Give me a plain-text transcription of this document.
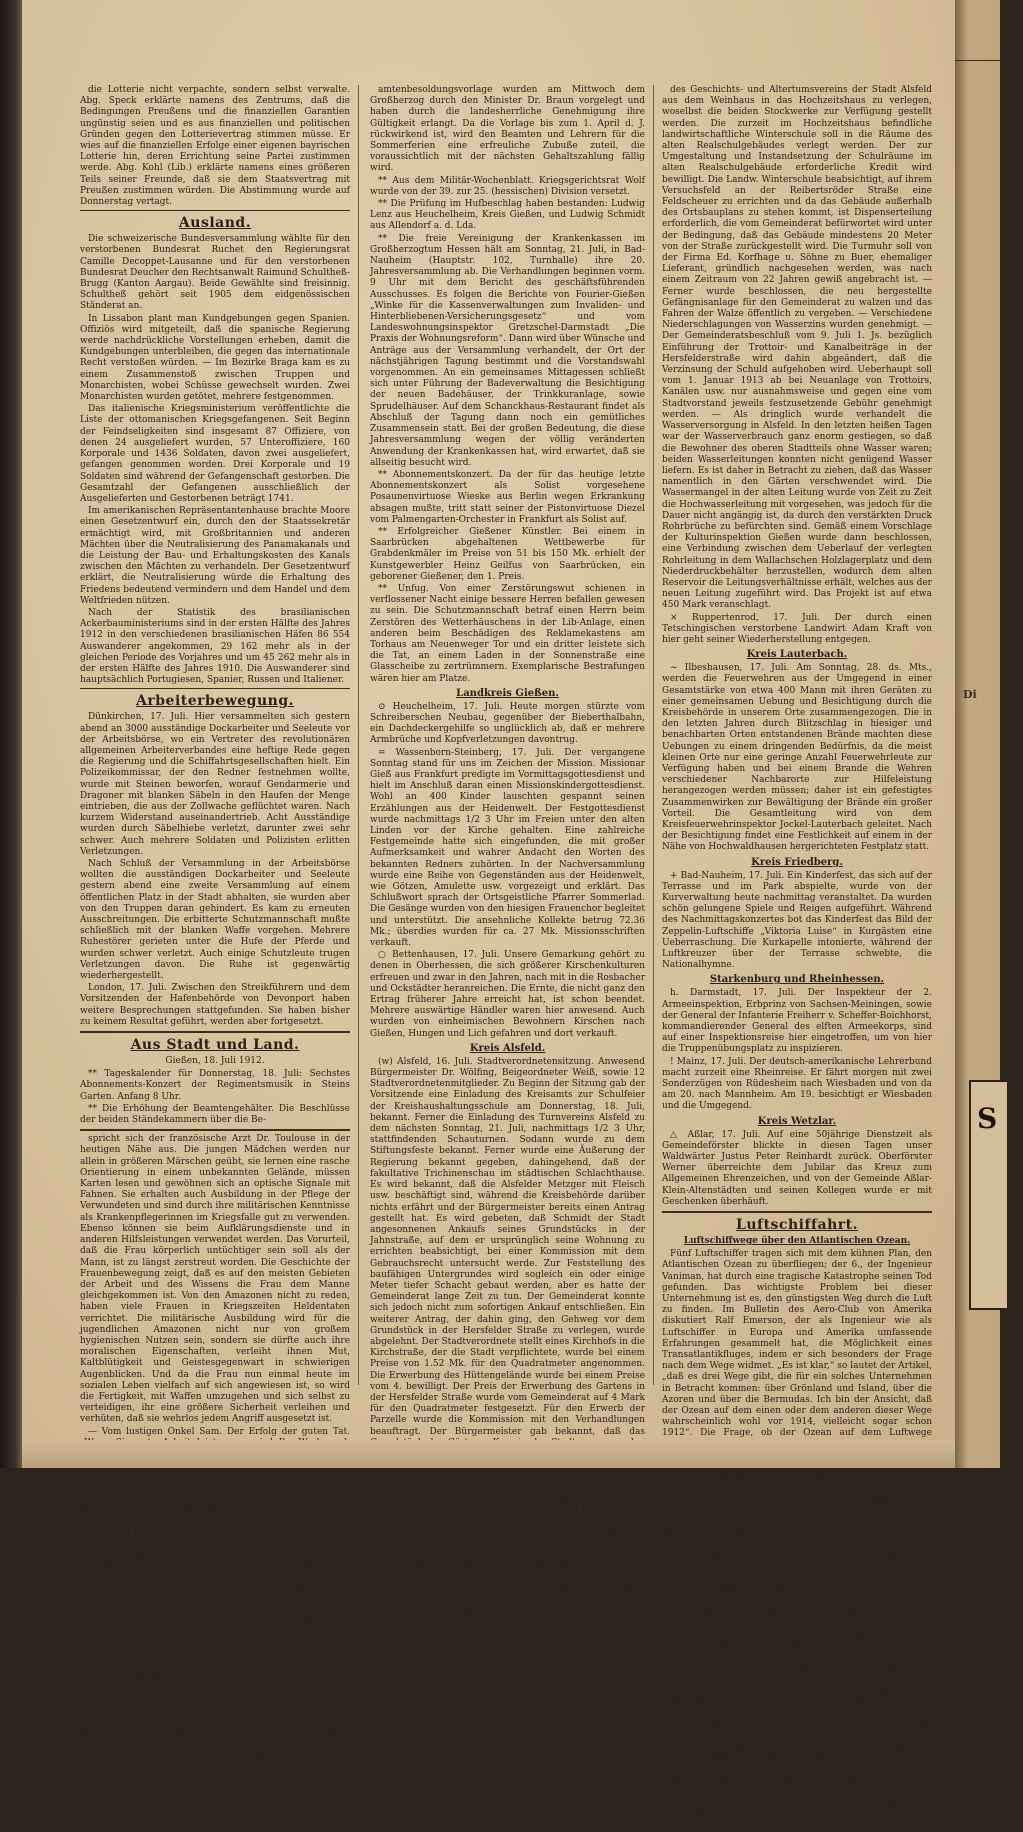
die Lotterie nicht verpachte, sondern selbst verwalte. Abg. Speck erklärte namens des Zentrums, daß die Bedingungen Preußens und die finanziellen Garantien ungünstig seien und es aus finanziellen und politischen Gründen gegen den Lotterievertrag stimmen müsse. Er wies auf die finanziellen Erfolge einer eigenen bayrischen Lotterie hin, deren Errichtung seine Partei zustimmen werde. Abg. Kohl (Lib.) erklärte namens eines größeren Teils seiner Freunde, daß sie dem Staatsvertrag mit Preußen zustimmen würden. Die Abstimmung wurde auf Donnerstag vertagt.

Ausland.

Die schweizerische Bundesversammlung wählte für den verstorbenen Bundesrat Ruchet den Regierungsrat Camille Decoppet-Lausanne und für den verstorbenen Bundesrat Deucher den Rechtsanwalt Raimund Schultheß-Brugg (Kanton Aargau). Beide Gewählte sind freisinnig. Schultheß gehört seit 1905 dem eidgenössischen Ständerat an.

In Lissabon plant man Kundgebungen gegen Spanien. Offiziös wird mitgeteilt, daß die spanische Regierung werde nachdrückliche Vorstellungen erheben, damit die Kundgebungen unterbleiben, die gegen das internationale Recht verstoßen würden. — Im Bezirke Braga kam es zu einem Zusammenstoß zwischen Truppen und Monarchisten, wobei Schüsse gewechselt wurden. Zwei Monarchisten wurden getötet, mehrere festgenommen.

Das italienische Kriegsministerium veröffentlichte die Liste der ottomanischen Kriegsgefangenen. Seit Beginn der Feindseligkeiten sind insgesamt 87 Offiziere, von denen 24 ausgeliefert wurden, 57 Unteroffiziere, 160 Korporale und 1436 Soldaten, davon zwei ausgeliefert, gefangen genommen worden. Drei Korporale und 19 Soldaten sind während der Gefangenschaft gestorben. Die Gesamtzahl der Gefangenen ausschließlich der Ausgelieferten und Gestorbenen beträgt 1741.

Im amerikanischen Repräsentantenhause brachte Moore einen Gesetzentwurf ein, durch den der Staatssekretär ermächtigt wird, mit Großbritannien und anderen Mächten über die Neutralisierung des Panamakanals und die Leistung der Bau- und Erhaltungskosten des Kanals zwischen den Mächten zu verhandeln. Der Gesetzentwurf erklärt, die Neutralisierung würde die Erhaltung des Friedens bedeutend vermindern und dem Handel und dem Weltfrieden nützen.

Nach der Statistik des brasilianischen Ackerbauministeriums sind in der ersten Hälfte des Jahres 1912 in den verschiedenen brasilianischen Häfen 86 554 Auswanderer angekommen, 29 162 mehr als in der gleichen Periode des Vorjahres und um 45 262 mehr als in der ersten Hälfte des Jahres 1910. Die Auswanderer sind hauptsächlich Portugiesen, Spanier, Russen und Italiener.

Arbeiterbewegung.

Dünkirchen, 17. Juli. Hier versammelten sich gestern abend an 3000 ausständige Dockarbeiter und Seeleute vor der Arbeitsbörse, wo ein Vertreter des revolutionären allgemeinen Arbeiterverbandes eine heftige Rede gegen die Regierung und die Schiffahrtsgesellschaften hielt. Ein Polizeikommissar, der den Redner festnehmen wollte, wurde mit Steinen beworfen, worauf Gendarmerie und Dragoner mit blanken Säbeln in den Haufen der Menge eintrieben, die aus der Zollwache geflüchtet waren. Nach kurzem Widerstand auseinandertrieb. Acht Ausständige wurden durch Säbelhiebe verletzt, darunter zwei sehr schwer. Auch mehrere Soldaten und Polizisten erlitten Verletzungen.

Nach Schluß der Versammlung in der Arbeitsbörse wollten die ausständigen Dockarbeiter und Seeleute gestern abend eine zweite Versammlung auf einem öffentlichen Platz in der Stadt abhalten, sie wurden aber von den Truppen daran gehindert. Es kam zu erneuten Ausschreitungen. Die erbitterte Schutzmannschaft mußte schließlich mit der blanken Waffe vorgehen. Mehrere Ruhestörer gerieten unter die Hufe der Pferde und wurden schwer verletzt. Auch einige Schutzleute trugen Verletzungen davon. Die Ruhe ist gegenwärtig wiederhergestellt.

London, 17. Juli. Zwischen den Streikführern und dem Vorsitzenden der Hafenbehörde von Devonport haben weitere Besprechungen stattgefunden. Sie haben bisher zu keinem Resultat geführt, werden aber fortgesetzt.

Aus Stadt und Land.
Gießen, 18. Juli 1912.

** Tageskalender für Donnerstag, 18. Juli: Sechstes Abonnements-Konzert der Regimentsmusik in Steins Garten. Anfang 8 Uhr.

** Die Erhöhung der Beamtengehälter. Die Beschlüsse der beiden Ständekammern über die Be-

spricht sich der französische Arzt Dr. Toulouse in der heutigen Nähe aus. Die jungen Mädchen werden nur allein in größeren Märschen geübt, sie lernen eine rasche Orientierung in einem unbekannten Gelände, müssen Karten lesen und gewöhnen sich an optische Signale mit Fahnen. Sie erhalten auch Ausbildung in der Pflege der Verwundeten und sind durch ihre militärischen Kenntnisse als Krankenpflegerinnen im Kriegsfalle gut zu verwenden. Ebenso können sie beim Aufklärungsdienste und in anderen Hilfsleistungen verwendet werden. Das Vorurteil, daß die Frau körperlich untüchtiger sein soll als der Mann, ist zu längst zerstreut worden. Die Geschichte der Frauenbewegung zeigt, daß es auf den meisten Gebieten der Arbeit und des Wissens die Frau dem Manne gleichgekommen ist. Von den Amazonen nicht zu reden, haben viele Frauen in Kriegszeiten Heldentaten verrichtet. Die militärische Ausbildung wird für die jugendlichen Amazonen nicht nur von großem hygienischen Nutzen sein, sondern sie dürfte auch ihre moralischen Eigenschaften, verleiht ihnen Mut, Kaltblütigkeit und Geistesgegenwart in schwierigen Augenblicken. Und da die Frau nun einmal heute im sozialen Leben vielfach auf sich angewiesen ist, so wird die Fertigkeit, mit Waffen umzugehen und sich selbst zu verteidigen, ihr eine größere Sicherheit verleihen und verhüten, daß sie wehrlos jedem Angriff ausgesetzt ist.

— Vom lustigen Onkel Sam. Der Erfolg der guten Tat. 2000 Bilder hinterlassen, und jetzt haben wir hier in Amerika allein schon 10 000 in unseren Sammlungen.“ — Ein wirksames Mittel. Erster Kadett: „Wie halt du das nur fertig gebracht, daß Miß Phillips dich für den schönsten Kerl auf Erden hält?“ Zweiter Kadett: „Ganz einfach. Ich hab ihr 20 Rosen an ihrem 30. Geburtstag geschickt.“ — Er ist zufrieden. Henlein: „Nun, wie sind Sie zufrieden mit Ihren Erfolgen bei den Zeitschriften?“ Der Dichter: „Großartig! Ich bekomme jetzt meine Manuskripte in der Hälfte der Zeit zurück.“ — „Na, es geht. Ich verliere wenigstens nichts — sie schicken mir immer ganz genau so viel zurück, wie ich ihnen eingesandt habe.“ — Der Moralphilosoph. „Wenn wir uns entschließen, unseren Feinden zu vergeben, so beginnen wir in der Regel mit denen, die größer und stärker sind als wir.“ — Der Politiker und der Wähler. Der Politiker: „Welches ist die nächste Frage, die wir vor das amerikanische Volk bringen müssen?“ Der Wähler (einfallend): „Fragen haben wir jetzt genug gehabt. Was wir brauchen, das sind nun ein paar Antworten!“ — Warum er schwor. Ein Vater sagte zu seinem Sohn, der noch nicht seine Laufbahn damit begonnen hat, daß er sich 50 Dollar pumpte. „Finden Sie nicht, daß man einem Manne benommen muß, der soviel Mut hatte?“ „Nein, das kann ich nicht finden“, erwiderte Mr. Growcher, „der Mann, den ich bewundere, das ist der andere, der den Mut hatte, sie ihm zu geben.“

amtenbesoldungsvorlage wurden am Mittwoch dem Großherzog durch den Minister Dr. Braun vorgelegt und haben durch die landesherrliche Genehmigung ihre Gültigkeit erlangt. Da die Vorlage bis zum 1. April d. J. rückwirkend ist, wird den Beamten und Lehrern für die Sommerferien eine erfreuliche Zubuße zuteil, die voraussichtlich mit der nächsten Gehaltszahlung fällig wird.

** Aus dem Militär-Wochenblatt. Kriegsgerichtsrat Wolf wurde von der 39. zur 25. (hessischen) Division versetzt.

** Die Prüfung im Hufbeschlag haben bestanden: Ludwig Lenz aus Heuchelheim, Kreis Gießen, und Ludwig Schmidt aus Allendorf a. d. Lda.

** Die freie Vereinigung der Krankenkassen im Großherzogtum Hessen hält am Sonntag, 21. Juli, in Bad-Nauheim (Hauptstr. 102, Turnhalle) ihre 20. Jahresversammlung ab. Die Verhandlungen beginnen vorm. 9 Uhr mit dem Bericht des geschäftsführenden Ausschusses. Es folgen die Berichte von Fourier-Gießen „Winke für die Kassenverwaltungen zum Invaliden- und Hinterbliebenen-Versicherungsgesetz“ und vom Landeswohnungsinspektor Gretzschel-Darmstadt „Die Praxis der Wohnungsreform“. Dann wird über Wünsche und Anträge aus der Versammlung verhandelt, der Ort der nächstjährigen Tagung bestimmt und die Vorstandswahl vorgenommen. An ein gemeinsames Mittagessen schließt sich unter Führung der Badeverwaltung die Besichtigung der neuen Badehäuser, der Trinkkuranlage, sowie Sprudelhäuser. Auf dem Schanckhaus-Restaurant findet als Abschluß der Tagung dann noch ein gemütliches Zusammensein statt. Bei der großen Bedeutung, die diese Jahresversammlung wegen der völlig veränderten Anwendung der Krankenkassen hat, wird erwartet, daß sie allseitig besucht wird.

** Abonnementskonzert. Da der für das heutige letzte Abonnementskonzert als Solist vorgesehene Posaunenvirtuose Wieske aus Berlin wegen Erkrankung absagen mußte, tritt statt seiner der Pistonvirtuose Diezel vom Palmengarten-Orchester in Frankfurt als Solist auf.

** Erfolgreicher Gießener Künstler. Bei einem in Saarbrücken abgehaltenen Wettbewerbe für Grabdenkmäler im Preise von 51 bis 150 Mk. erhielt der Kunstgewerbler Heinz Geilfus von Saarbrücken, ein geborener Gießener, den 1. Preis.

** Unfug. Von einer Zerstörungswut schienen in verflossener Nacht einige bessere Herren befallen gewesen zu sein. Die Schutzmannschaft betraf einen Herrn beim Zerstören des Wetterhäuschens in der Lib-Anlage, einen anderen beim Beschädigen des Reklamekastens am Torhaus am Neuenweger Tor und ein dritter leistete sich die Tat, an einem Laden in der Sonnenstraße eine Glasscheibe zu zertrümmern. Exemplarische Bestrafungen wären hier am Platze.

Landkreis Gießen.

⊙ Heuchelheim, 17. Juli. Heute morgen stürzte vom Schreiberschen Neubau, gegenüber der Bieberthalbahn, ein Dachdeckergehilfe so unglücklich ab, daß er mehrere Armbrüche und Kopfverletzungen davontrug.

= Wassenborn-Steinberg, 17. Juli. Der vergangene Sonntag stand für uns im Zeichen der Mission. Missionar Gieß aus Frankfurt predigte im Vormittagsgottesdienst und hielt im Anschluß daran einen Missionskindergottesdienst. Wohl an 400 Kinder lauschten gespannt seinen Erzählungen aus der Heidenwelt. Der Festgottesdienst wurde nachmittags 1/2 3 Uhr im Freien unter den alten Linden vor der Kirche gehalten. Eine zahlreiche Festgemeinde hatte sich eingefunden, die mit großer Aufmerksamkeit und wahrer Andacht den Worten des bekannten Redners zuhörten. In der Nachversammlung wurde eine Reihe von Gegenständen aus der Heidenwelt, wie Götzen, Amulette usw. vorgezeigt und erklärt. Das Schlußwort sprach der Ortsgeistliche Pfarrer Sommerlad. Die Gesänge wurden von den hiesigen Frauenchor begleitet und unterstützt. Die ansehnliche Kollekte betrug 72.36 Mk.; überdies wurden für ca. 27 Mk. Missionsschriften verkauft.

○ Bettenhausen, 17. Juli. Unsere Gemarkung gehört zu denen in Oberhessen, die sich größerer Kirschenkulturen erfreuen und zwar in den Jahren, nach mit in die Rosbacher und Ockstädter heranreichen. Die Ernte, die nicht ganz den Ertrag früherer Jahre erreicht hat, ist schon beendet. Mehrere auswärtige Händler waren hier anwesend. Auch wurden von einheimischen Bewohnern Kirschen nach Gießen, Hungen und Lich gefahren und dort verkauft.

Kreis Alsfeld.

(w) Alsfeld, 16. Juli. Stadtverordnetensitzung. Anwesend Bürgermeister Dr. Wölfing, Beigeordneter Weiß, sowie 12 Stadtverordnetenmitglieder. Zu Beginn der Sitzung gab der Vorsitzende eine Einladung des Kreisamts zur Schulfeier der Kreishaushaltungsschule am Donnerstag, 18. Juli, bekannt. Ferner die Einladung des Turnvereins Alsfeld zu dem nächsten Sonntag, 21. Juli, nachmittags 1/2 3 Uhr, stattfindenden Schauturnen. Sodann wurde zu dem Stiftungsfeste bekannt. Ferner wurde eine Äußerung der Regierung bekannt gegeben, dahingehend, daß der fakultative Trichinenschau im städtischen Schlachthause. Es wird bekannt, daß die Alsfelder Metzger mit Fleisch usw. beschäftigt sind, während die Kreisbehörde darüber nichts erfährt und der Bürgermeister bereits einen Antrag gestellt hat. Es wird gebeten, daß Schmidt der Stadt angesonnenen Ankaufs seines Grundstücks in der Jahnstraße, auf dem er ursprünglich seine Wohnung zu errichten beabsichtigt, bei einer Kommission mit dem Gebrauchsrecht untersucht werde. Zur Feststellung des baufähigen Untergrundes wird sogleich ein oder einige Meter tiefer Schacht gebaut werden, aber es hatte der Gemeinderat lange Zeit zu tun. Der Gemeinderat konnte sich jedoch nicht zum sofortigen Ankauf entschließen. Ein weiterer Antrag, der dahin ging, den Gehweg vor dem Grundstück in der Hersfelder Straße zu verlegen, wurde abgelehnt. Der Stadtverordnete stellt eines Kirchhofs in die Kirchstraße, der die Stadt verpflichtete, wurde bei einem Preise von 1.52 Mk. für den Quadratmeter angenommen. Die Erwerbung des Hüttengelände wurde bei einem Preise vom 4. bewilligt. Der Preis der Erwerbung des Gartens in der Hersfelder Straße wurde vom Gemeinderat auf 4 Mark für den Quadratmeter festgesetzt. Für den Erwerb der Parzelle wurde die Kommission mit den Verhandlungen beauftragt. Der Bürgermeister gab bekannt, daß das Museumskommission wurde verlesen, um zum Besuch des Volkskindergartens, der den Neubau vor der Kleinkinderschule im Hofe der alten Volksschule errichten will und so diesen Zweck darum nachgesucht hat. Zu einem Antrage, die Volksschule in den Jahren für den öffentlichen Gebrauch ohne Entgelt zu überlassen, wurde beschlossen, den bisher geltenden Vertrag vorzulegen, ebenso wurde die Angelegenheit der Baukommission überwiesen. Zur Anlage wurden die Vorarbeiten für die Wasserleitung zu genehmigen. Gegen den Bau der Kleinkinderschule an sich habe man nichts einzuwenden, der Bauplatz sei geeignet und es wurde beschlossen, dem Vorschlage der Baukommission entsprechend zu beschließen, das Museum

des Geschichts- und Altertumsvereins der Stadt Alsfeld aus dem Weinhaus in das Hochzeitshaus zu verlegen, woselbst die beiden Stockwerke zur Verfügung gestellt werden. Die zurzeit im Hochzeitshaus befindliche landwirtschaftliche Winterschule soll in die Räume des alten Realschulgebäudes verlegt werden. Der zur Umgestaltung und Instandsetzung der Schulräume im alten Realschulgebäude erforderliche Kredit wird bewilligt. Die Landw. Winterschule beabsichtigt, auf ihrem Versuchsfeld an der Reibertsröder Straße eine Feldscheuer zu errichten und da das Gebäude außerhalb des Ortsbauplans zu stehen kommt, ist Dispenserteilung erforderlich, die vom Gemeinderat befürwortet wird unter der Bedingung, daß das Gebäude mindestens 20 Meter von der Straße zurückgestellt wird. Die Turmuhr soll von der Firma Ed. Korfhage u. Söhne zu Buer, ehemaliger Lieferant, gründlich nachgesehen werden, was nach einem Zeitraum von 22 Jahren gewiß angebracht ist. — Ferner wurde beschlossen, die neu hergestellte Gefängnisanlage für den Gemeinderat zu walzen und das Fahren der Walze öffentlich zu vergeben. — Verschiedene Niederschlagungen von Wasserzins wurden genehmigt. — Der Gemeinderatsbeschluß vom 9. Juli 1. Js. bezüglich Einführung der Trottoir- und Kanalbeiträge in der Hersfelderstraße wird dahin abgeändert, daß die Verzinsung der Schuld aufgehoben wird. Ueberhaupt soll vom 1. Januar 1913 ab bei Neuanlage von Trottoirs, Kanälen usw. nur ausnahmsweise und gegen eine vom Stadtvorstand jeweils festzusetzende Gebühr genehmigt werden. — Als dringlich wurde verhandelt die Wasserversorgung in Alsfeld. In den letzten heißen Tagen war der Wasserverbrauch ganz enorm gestiegen, so daß die Bewohner des oberen Stadtteils ohne Wasser waren; beiden Wasserleitungen konnten nicht genügend Wasser liefern. Es ist daher in Betracht zu ziehen, daß das Wasser namentlich in den Gärten verschwendet wird. Die Wassermangel in der alten Leitung wurde von Zeit zu Zeit die Hochwasserleitung mit vorgesehen, was jedoch für die Dauer nicht angängig ist, da durch den verstärkten Druck Rohrbrüche zu befürchten sind. Gemäß einem Vorschlage der Kulturinspektion Gießen wurde dann beschlossen, eine Verbindung zwischen dem Ueberlauf der verlegten Rohrleitung in dem Wallachschen Holzlagerplatz und dem Niederdruckbehälter herzustellen, wodurch dem alten Reservoir die Leitungsverhältnisse erhält, welches aus der neuen Leitung zugeführt wird. Das Projekt ist auf etwa 450 Mark veranschlagt.

× Ruppertenrod, 17. Juli. Der durch einen Tetschingischen verstorbene Landwirt Adam Kraft von hier geht seiner Wiederherstellung entgegen.

Kreis Lauterbach.

~ Ilbeshausen, 17. Juli. Am Sonntag, 28. ds. Mts., werden die Feuerwehren aus der Umgegend in einer Gesamtstärke von etwa 400 Mann mit ihren Geräten zu einer gemeinsamen Uebung und Besichtigung durch die Kreisbehörde in unserem Orte zusammengezogen. Die in den letzten Jahren durch Blitzschlag in hiesiger und benachbarten Orten entstandenen Brände machten diese Uebungen zu einem dringenden Bedürfnis, da die meist kleinen Orte nur eine geringe Anzahl Feuerwehrleute zur Verfügung haben und bei einem Brande die Wehren verschiedener Nachbarorte zur Hilfeleistung herangezogen werden müssen; daher ist ein gefestigtes Zusammenwirken zur Bewältigung der Brände ein großer Vorteil. Die Gesamtleitung wird von dem Kreisfeuerwehrinspektor Jockel-Lauterbach geleitet. Nach der Besichtigung findet eine Festlichkeit auf einem in der Nähe von Hochwaldhausen hergerichteten Festplatz statt.

Kreis Friedberg.

+ Bad-Nauheim, 17. Juli. Ein Kinderfest, das sich auf der Terrasse und im Park abspielte, wurde von der Kurverwaltung heute nachmittag veranstaltet. Da wurden schön gelungene Spiele und Reigen aufgeführt. Während des Nachmittagskonzertes bot das Kinderfest das Bild der Zeppelin-Luftschiffe „Viktoria Luise“ in Kurgästen eine Ueberraschung. Die Kurkapelle intonierte, während der Luftkreuzer über der Terrasse schwebte, die Nationalhymne.

Starkenburg und Rheinhessen.

h. Darmstadt, 17. Juli. Der Inspekteur der 2. Armeeinspektion, Erbprinz von Sachsen-Meiningen, sowie der General der Infanterie Freiherr v. Scheffer-Boichhorst, kommandierender General des elften Armeekorps, sind auf einer Inspektionsreise hier eingetroffen, um von hier die Truppenübungsplatz zu inspizieren.

! Mainz, 17. Juli. Der deutsch-amerikanische Lehrerbund macht zurzeit eine Rheinreise. Er fährt morgen mit zwei Sonderzügen von Rüdesheim nach Wiesbaden und von da am 20. nach Mannheim. Am 19. besichtigt er Wiesbaden und die Umgegend.

Kreis Wetzlar.

△ Aßlar, 17. Juli. Auf eine 50jährige Dienstzeit als Gemeindeförster blickte in diesen Tagen unser Waldwärter Justus Peter Reinhardt zurück. Oberförster Werner überreichte dem Jubilar das Kreuz zum Allgemeinen Ehrenzeichen, und von der Gemeinde Aßlar-Klein-Altenstädten und seinen Kollegen wurde er mit Geschenken überhäuft.

Luftschiffahrt.
Luftschiffwege über den Atlantischen Ozean.

Fünf Luftschiffer tragen sich mit dem kühnen Plan, den Atlantischen Ozean zu überfliegen; der 6., der Ingenieur Vaniman, hat durch eine tragische Katastrophe seinen Tod gefunden. Das wichtigste Problem bei dieser Unternehmung ist es, den günstigsten Weg durch die Luft zu finden. Im Bulletin des Aero-Club von Amerika diskutiert Ralf Emerson, der als Ingenieur wie als Luftschiffer in Europa und Amerika umfassende Erfahrungen gesammelt hat, die Möglichkeit eines Transatlantikfluges, indem er sich besonders der Frage nach dem Wege widmet. „Es ist klar,“ so lautet der Artikel, „daß es drei Wege gibt, die für ein solches Unternehmen in Betracht kommen: über Grönland und Island, über die Azoren und über die Bermudas. Ich bin der Ansicht, daß der Ozean auf dem einen oder dem anderen dieser Wege wahrscheinlich wohl vor 1914, vielleicht sogar schon 1912“. Die Frage, ob der Ozean auf dem Luftwege unterwegs Stationen für Landungen, erfordert aber sichere Motoren. „Auch bei reifster Ueberlegung wird man zu der Ansicht kommen, daß eine Ozeanfahrt weder der Mannschaft noch dem Schiff selbst Gefahren bringt. Für die Ozeanfahrt wäre nach Nordamerika, erstens Ost-West, zweitens über die Azoren. In den Sommermonaten hat der Ozean keine andere Zeit, in der die Ueberquerung so leicht wäre. Der ruhige Wind verspricht, daß das Schiff bei günstiger Wetterlage 50 Stunden die Strecke zurücklegt. Ueber 300 Jahre wurde der Atlantische Ozean auf Segelschiffen durchkreuzt, und es sind 9 Jahre, nachdem Dampfmaschinen als Hilfskräfte den Segeln hinzugefügt waren, vollendete ein Schiff die Ueberfahrt über den Ozean ganz mit Dampfkraft, 31 Jahre nach Fultons glücklicher Fahrt mit dem Dampfboot von New York nach Albany. Der Verkehr über den Ozean ist schon heute über den Ozean möglich, und jahrelange Arbeit war vonnöten, um die drahtlose Telegraphie für transatlantische Entfernungen nutzbar zu machen. Nun können wir hoffen, daß die Tragfähigkeit der Luftschiffahrt ausreichend ist, die Wetterbedingungen unabhängig vom Wetter durchführbar machen wurde.“ Beim Ueberqueren des Ozeans durch die Luft unterscheidet Emerson drei Methoden, die für die Wetterbedingungen in Betracht kommen: 1. Vorausgesetzt ist ein erfahrener Führer an Bord. Die Aufgabe des Ozeans ist zu überwinden. Aeroplanen werden von der Industrie gebaut, die Hauptfahrer des Wassers, wenn sie einen Wind aus Westen bekommen, daß man 2. Höhe mit dem Antriebssystem zu geben; 3. einen Windfahrtplan, der die Luftströme zu einer Nutzung ermöglicht; 4. den Luftstrom von nördlichen gemäßigten Zone in einer Höhe

Di
S
